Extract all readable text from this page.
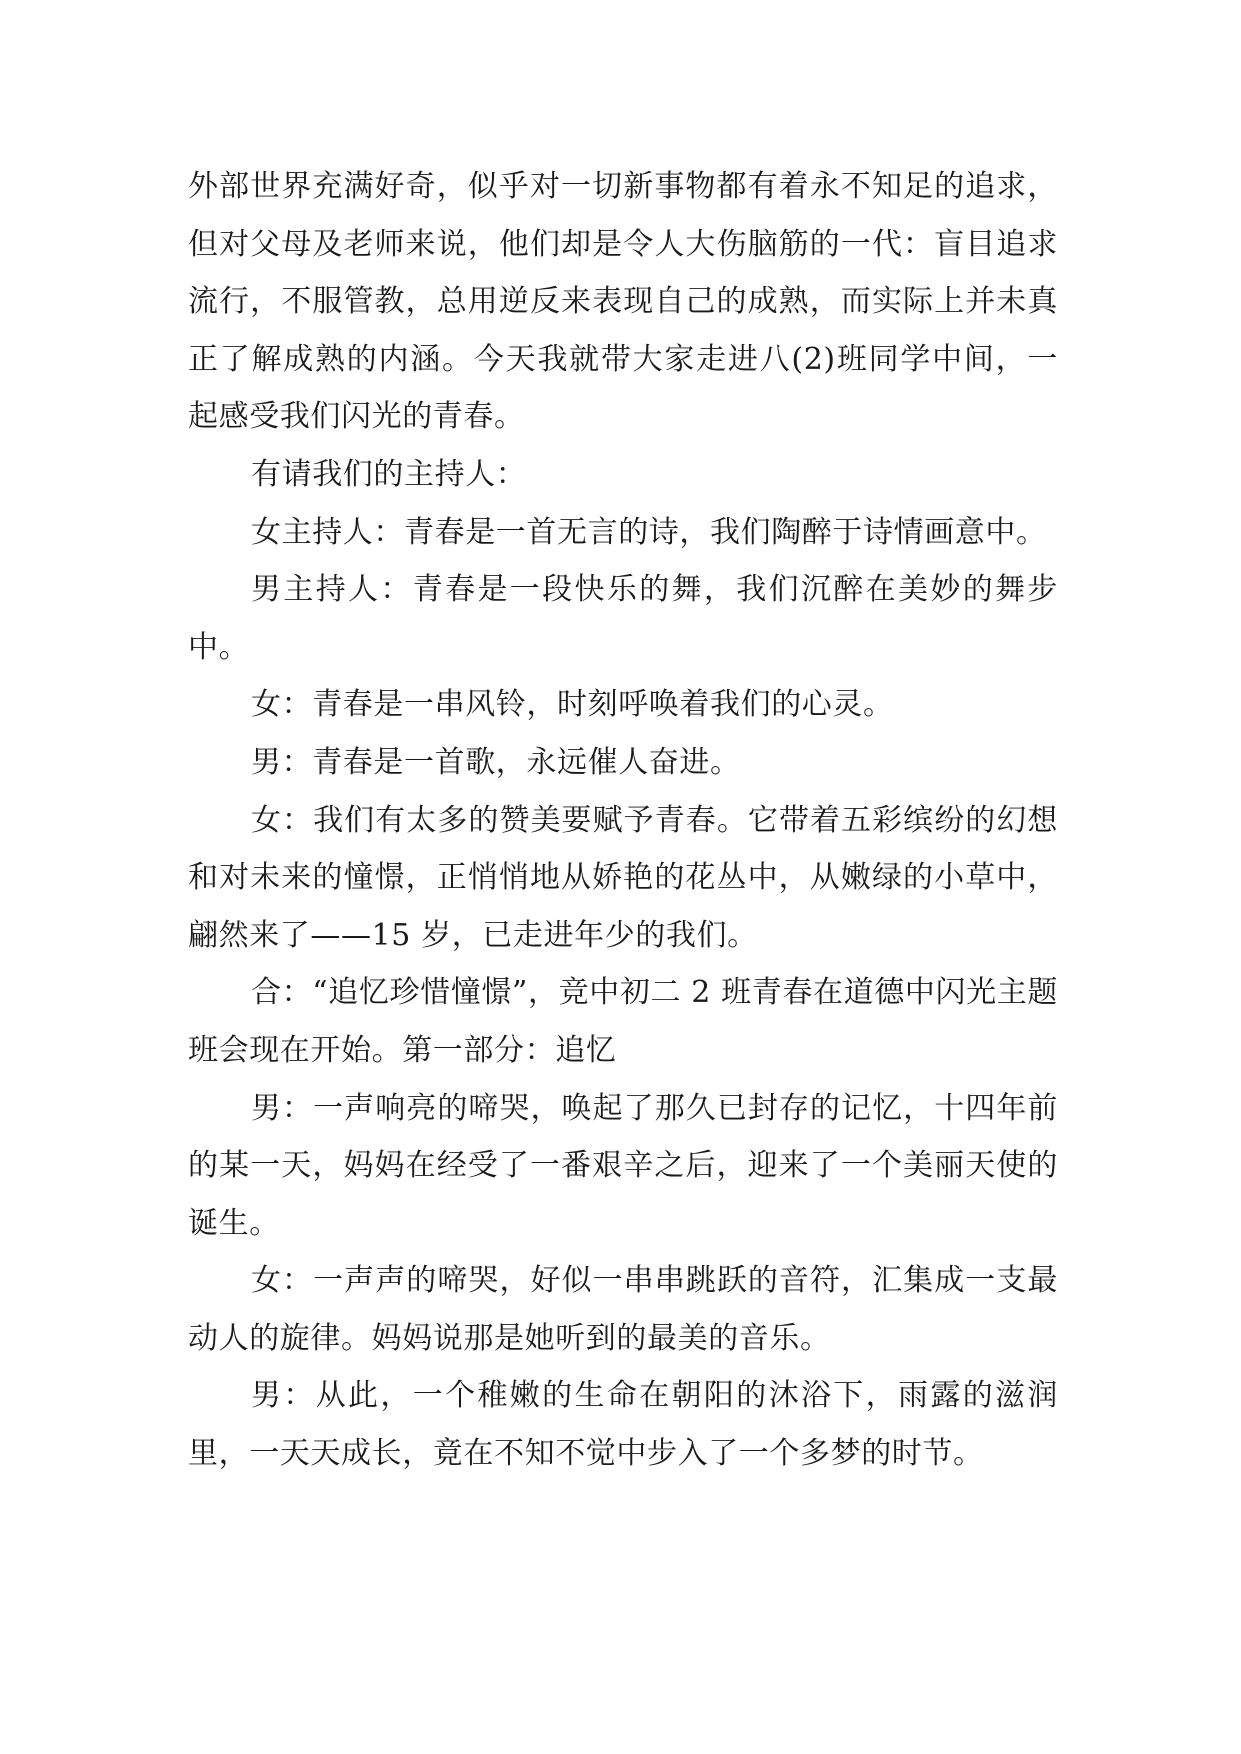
外部世界充满好奇，似乎对一切新事物都有着永不知足的追求，但对父母及老师来说，他们却是令人大伤脑筋的一代：盲目追求流行，不服管教，总用逆反来表现自己的成熟，而实际上并未真正了解成熟的内涵。今天我就带大家走进八(2)班同学中间，一起感受我们闪光的青春。

有请我们的主持人：

女主持人：青春是一首无言的诗，我们陶醉于诗情画意中。

男主持人：青春是一段快乐的舞，我们沉醉在美妙的舞步中。

女：青春是一串风铃，时刻呼唤着我们的心灵。

男：青春是一首歌，永远催人奋进。

女：我们有太多的赞美要赋予青春。它带着五彩缤纷的幻想和对未来的憧憬，正悄悄地从娇艳的花丛中，从嫩绿的小草中，翩然来了——15 岁，已走进年少的我们。

合：“追忆珍惜憧憬”，竞中初二 2 班青春在道德中闪光主题班会现在开始。第一部分：追忆

男：一声响亮的啼哭，唤起了那久已封存的记忆，十四年前的某一天，妈妈在经受了一番艰辛之后，迎来了一个美丽天使的诞生。

女：一声声的啼哭，好似一串串跳跃的音符，汇集成一支最动人的旋律。妈妈说那是她听到的最美的音乐。

男：从此，一个稚嫩的生命在朝阳的沐浴下，雨露的滋润里，一天天成长，竟在不知不觉中步入了一个多梦的时节。
